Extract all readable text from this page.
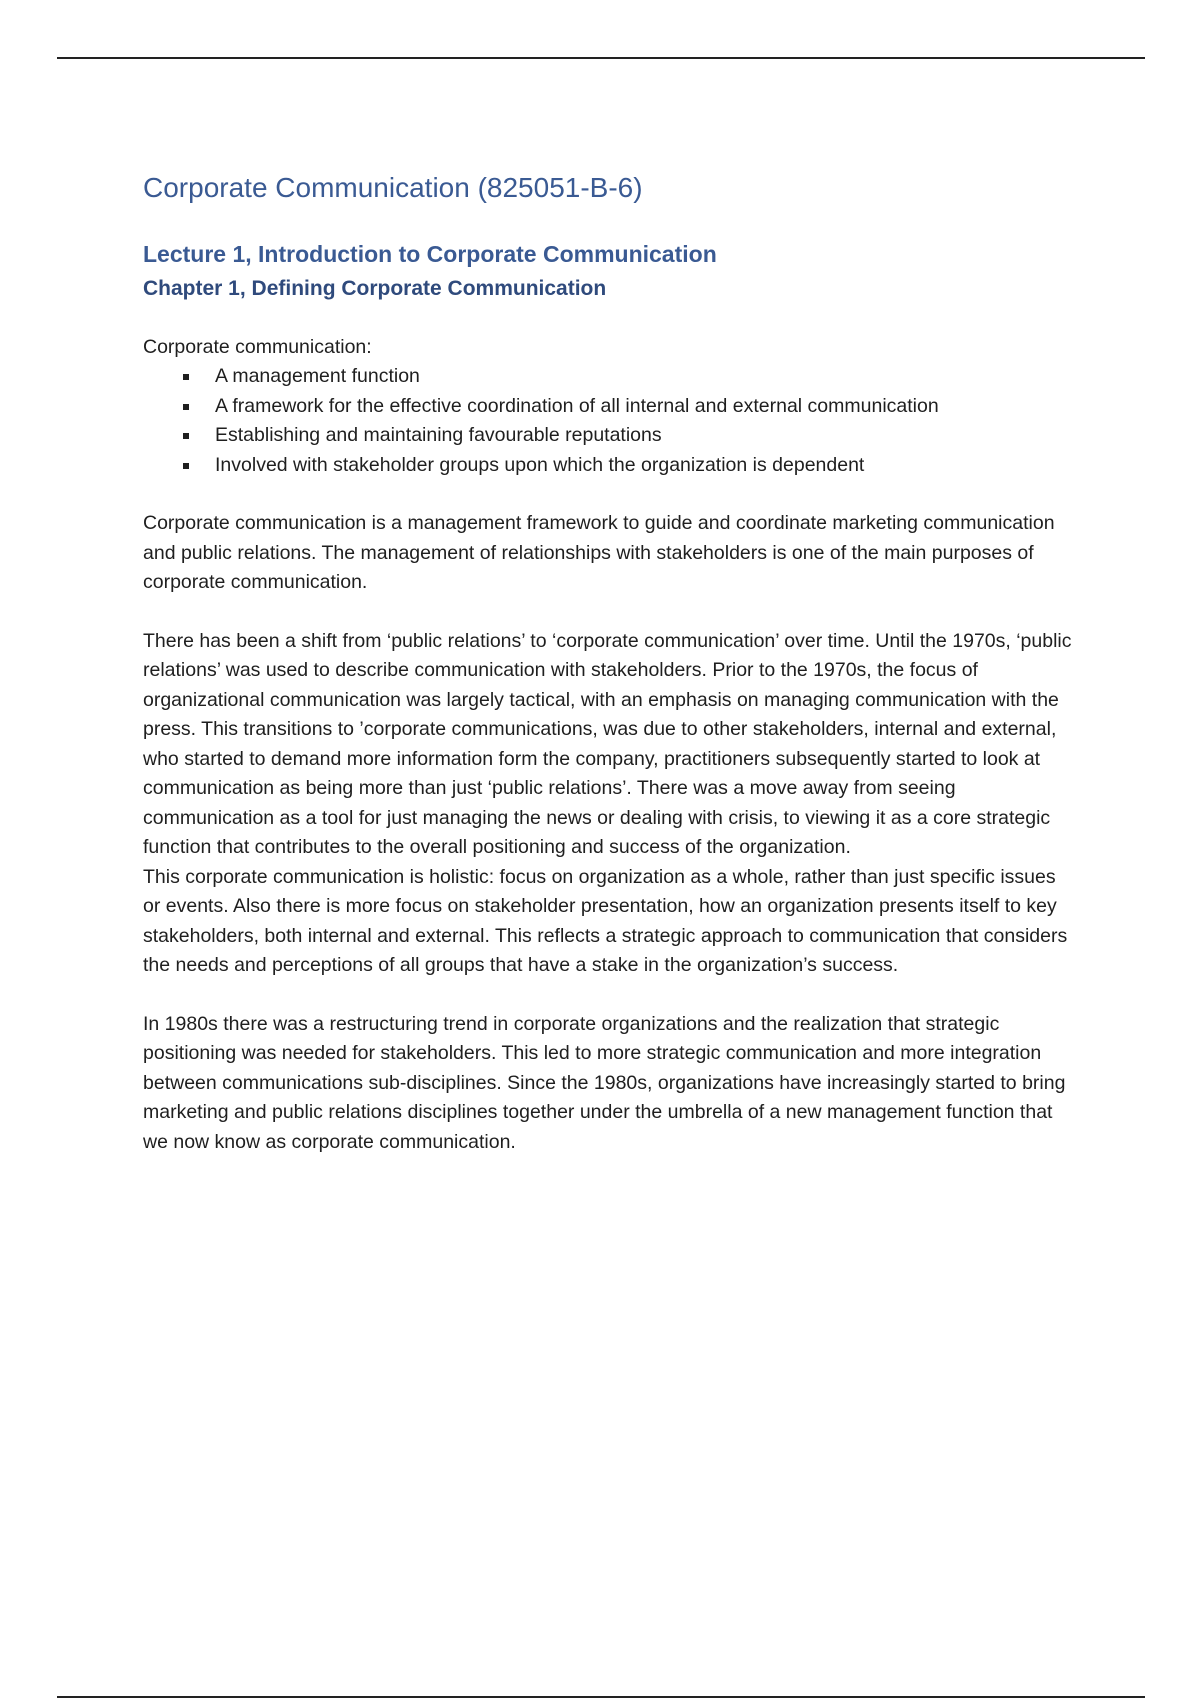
Corporate Communication (825051-B-6)
Lecture 1, Introduction to Corporate Communication
Chapter 1, Defining Corporate Communication
Corporate communication:
A management function
A framework for the effective coordination of all internal and external communication
Establishing and maintaining favourable reputations
Involved with stakeholder groups upon which the organization is dependent

Corporate communication is a management framework to guide and coordinate marketing communication and public relations. The management of relationships with stakeholders is one of the main purposes of corporate communication.

There has been a shift from ‘public relations’ to ‘corporate communication’ over time. Until the 1970s, ‘public relations’ was used to describe communication with stakeholders. Prior to the 1970s, the focus of organizational communication was largely tactical, with an emphasis on managing communication with the press. This transitions to ’corporate communications, was due to other stakeholders, internal and external, who started to demand more information form the company, practitioners subsequently started to look at communication as being more than just ‘public relations’. There was a move away from seeing communication as a tool for just managing the news or dealing with crisis, to viewing it as a core strategic function that contributes to the overall positioning and success of the organization.

This corporate communication is holistic: focus on organization as a whole, rather than just specific issues or events. Also there is more focus on stakeholder presentation, how an organization presents itself to key stakeholders, both internal and external. This reflects a strategic approach to communication that considers the needs and perceptions of all groups that have a stake in the organization’s success.

In 1980s there was a restructuring trend in corporate organizations and the realization that strategic positioning was needed for stakeholders. This led to more strategic communication and more integration between communications sub-disciplines. Since the 1980s, organizations have increasingly started to bring marketing and public relations disciplines together under the umbrella of a new management function that we now know as corporate communication.
